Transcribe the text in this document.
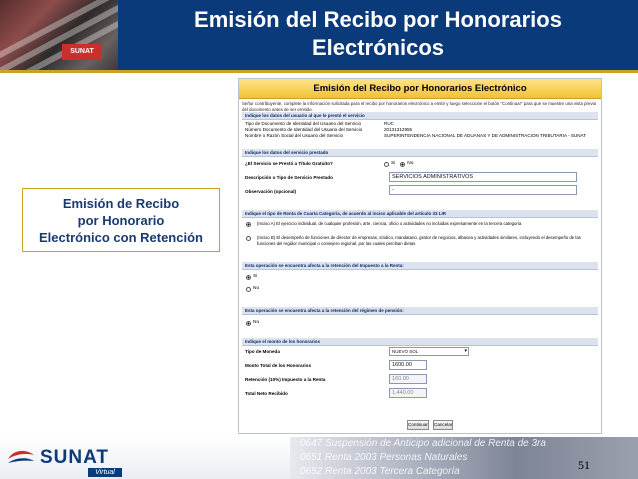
SUNAT
Emisión del Recibo por Honorarios
Electrónicos
Emisión de Recibo
por Honorario
Electrónico con Retención
Emisión del Recibo por Honorarios Electrónico
Señor contribuyente, complete la información solicitada para el recibo por honorarios electrónico a emitir y luego seleccione el botón "Continuar" para que se muestre una vista previa del documento antes de ser emitido.
Indique los datos del usuario al que le prestó el servicio
Tipo de Documento de Identidad del Usuario del Servicio	RUC
Número Documento de Identidad del Usuario del Servicio	20131312955
Nombre o Razón Social del Usuario del Servicio	SUPERINTENDENCIA NACIONAL DE ADUANAS Y DE ADMINISTRACION TRIBUTARIA - SUNAT
Indique los datos del servicio prestado
¿El Servicio se Prestó a Título Gratuito?	Si	No
Descripción o Tipo de Servicio Prestado	SERVICIOS ADMINISTRATIVOS
Observación (opcional)	-
Indique el tipo de Renta de Cuarta Categoría, de acuerdo al inciso aplicable del artículo 33 LIR
(Inciso A) El ejercicio individual, de cualquier profesión, arte, ciencia, oficio o actividades no incluidas expresamente en la tercera categoría
(Inciso B) El desempeño de funciones de director de empresas, síndico, mandatario, gestor de negocios, albacea y actividades similares, incluyendo el desempeño de las funciones del regidor municipal o consejero regional, por las cuales perciban dietas
Esta operación se encuentra afecta a la retención del Impuesto a la Renta:
Si
No
Esta operación se encuentra afecta a la retención del régimen de pensión:
No
Indique el monto de los honorarios
Tipo de Moneda	NUEVO SOL	▾
Monto Total de los Honorarios	1600.00
Retención (10%) Impuesto a la Renta	160.00
Total Neto Recibido	1,440.00
Continuar Cancelar
SUNAT
Virtual
0647 Suspensión de Anticipo adicional de Renta de 3ra
0651 Renta 2003 Personas Naturales
0652 Renta 2003 Tercera Categoría	51
